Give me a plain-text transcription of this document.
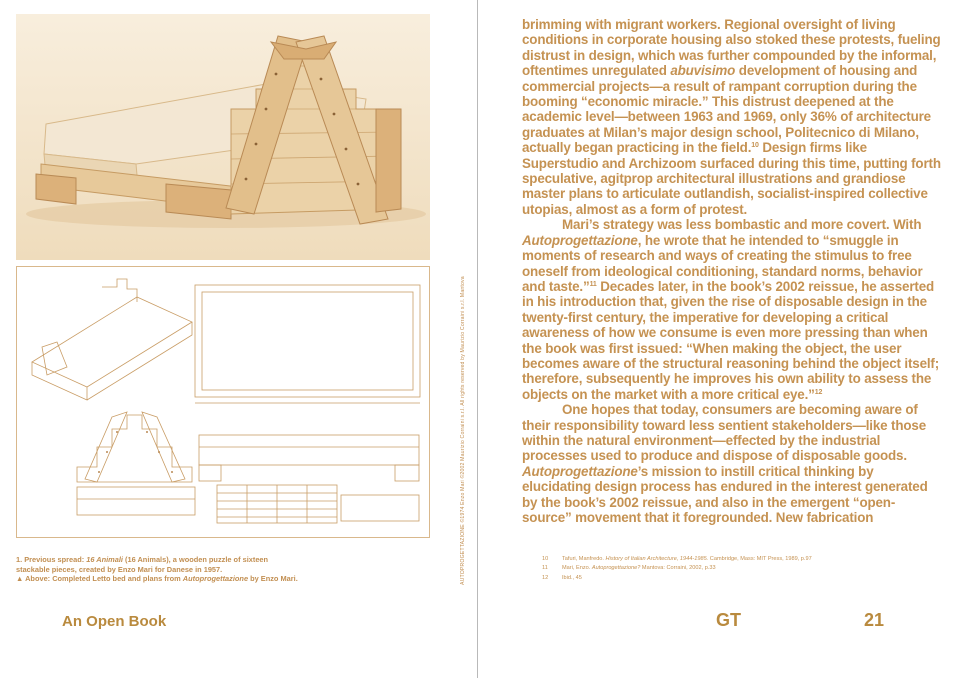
1. Previous spread: 16 Animali (16 Animals), a wooden puzzle of sixteen
stackable pieces, created by Enzo Mari for Danese in 1957.
▲ Above: Completed Letto bed and plans from Autoprogettazione by Enzo Mari.	AUTOPROGETTAZIONE ©1974 Enzo Mari ©2002 Maurizio Corraini s.r.l. All rights reserved by Maurizio Corraini s.r.l. Mantova
An Open Book

brimming with migrant workers. Regional oversight of living conditions in corporate housing also stoked these protests, fueling distrust in design, which was further compounded by the informal, oftentimes unregulated abuvisimo development of housing and commercial projects—a result of rampant corruption during the booming “economic miracle.” This distrust deepened at the academic level—between 1963 and 1969, only 36% of architecture graduates at Milan’s major design school, Politecnico di Milano, actually began practicing in the field.$^{10}$ Design firms like Superstudio and Archizoom surfaced during this time, putting forth speculative, agitprop architectural illustrations and grandiose master plans to articulate outlandish, socialist-inspired collective utopias, almost as a form of protest.

Mari’s strategy was less bombastic and more covert. With Autoprogettazione, he wrote that he intended to “smuggle in moments of research and ways of creating the stimulus to free oneself from ideological conditioning, standard norms, behavior and taste.”$^{11}$ Decades later, in the book’s 2002 reissue, he asserted in his introduction that, given the rise of disposable design in the twenty-first century, the imperative for developing a critical awareness of how we consume is even more pressing than when the book was first issued: “When making the object, the user becomes aware of the structural reasoning behind the object itself; therefore, subsequently he improves his own ability to assess the objects on the market with a more critical eye.”$^{12}$

One hopes that today, consumers are becoming aware of their responsibility toward less sentient stakeholders—like those within the natural environment—effected by the industrial processes used to produce and dispose of disposable goods. Autoprogettazione’s mission to instill critical thinking by elucidating design process has endured in the interest generated by the book’s 2002 reissue, and also in the emergent “open-source” movement that it foregrounded. New fabrication

10	Tafuri, Manfredo. History of Italian Architecture, 1944-1985. Cambridge, Mass: MIT Press, 1989, p.97
11	Mari, Enzo. Autoprogettazione? Mantova: Corraini, 2002, p.33
12	Ibid., 45
GT	21
